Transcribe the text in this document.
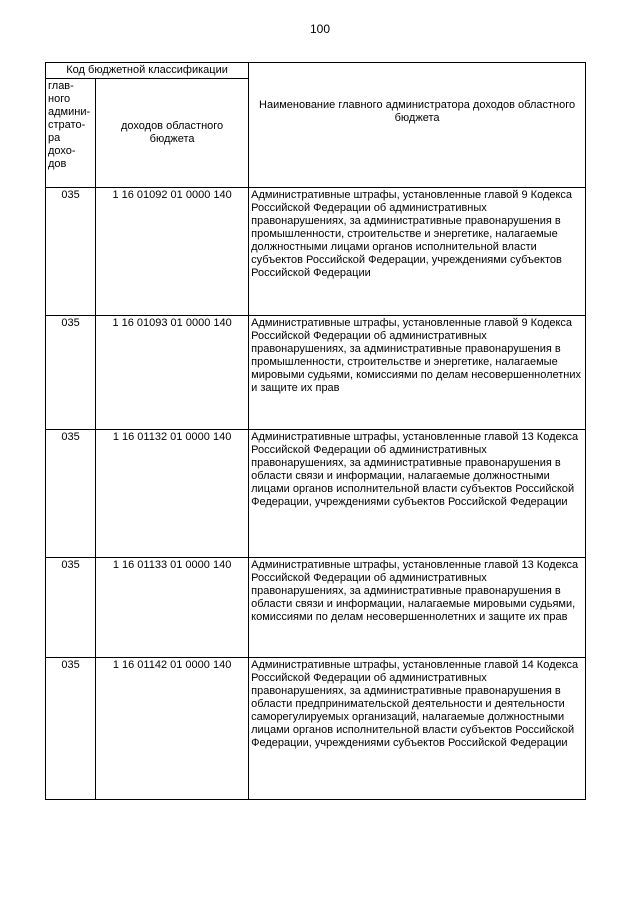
100
Код бюджетной классификации		Наименование главного администратора доходов областного бюджета

глав-ного админи-страто-ра дохо-дов	доходов областного бюджета	

035	1 16 01092 01 0000 140	Административные штрафы, установленные главой 9 Кодекса Российской Федерации об административных правонарушениях, за административные правонарушения в промышленности, строительстве и энергетике, налагаемые должностными лицами органов исполнительной власти субъектов Российской Федерации, учреждениями субъектов Российской Федерации
035	1 16 01093 01 0000 140	Административные штрафы, установленные главой 9 Кодекса Российской Федерации об административных правонарушениях, за административные правонарушения в промышленности, строительстве и энергетике, налагаемые мировыми судьями, комиссиями по делам несовершеннолетних и защите их прав
035	1 16 01132 01 0000 140	Административные штрафы, установленные главой 13 Кодекса Российской Федерации об административных правонарушениях, за административные правонарушения в области связи и информации, налагаемые должностными лицами органов исполнительной власти субъектов Российской Федерации, учреждениями субъектов Российской Федерации
035	1 16 01133 01 0000 140	Административные штрафы, установленные главой 13 Кодекса Российской Федерации об административных правонарушениях, за административные правонарушения в области связи и информации, налагаемые мировыми судьями, комиссиями по делам несовершеннолетних и защите их прав
035	1 16 01142 01 0000 140	Административные штрафы, установленные главой 14 Кодекса Российской Федерации об административных правонарушениях, за административные правонарушения в области предпринимательской деятельности и деятельности саморегулируемых организаций, налагаемые должностными лицами органов исполнительной власти субъектов Российской Федерации, учреждениями субъектов Российской Федерации
